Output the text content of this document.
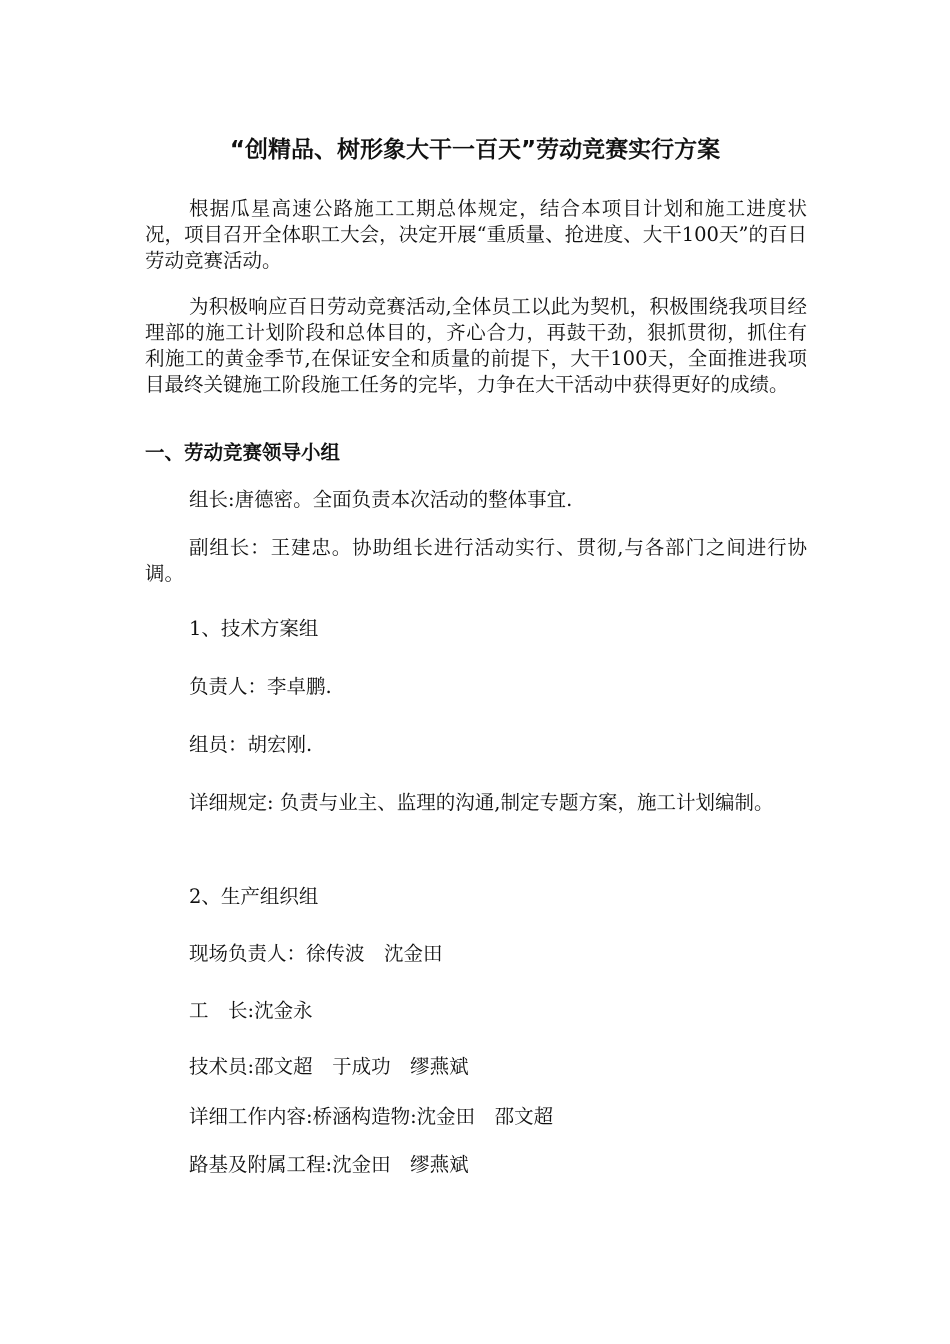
“创精品、树形象大干一百天”劳动竞赛实行方案

根据瓜星高速公路施工工期总体规定，结合本项目计划和施工进度状况，项目召开全体职工大会，决定开展“重质量、抢进度、大干100天”的百日劳动竞赛活动。

为积极响应百日劳动竞赛活动,全体员工以此为契机，积极围绕我项目经理部的施工计划阶段和总体目的，齐心合力，再鼓干劲，狠抓贯彻，抓住有利施工的黄金季节,在保证安全和质量的前提下，大干100天，全面推进我项目最终关键施工阶段施工任务的完毕，力争在大干活动中获得更好的成绩。

一、劳动竞赛领导小组
组长:唐德密。全面负责本次活动的整体事宜.

副组长：王建忠。协助组长进行活动实行、贯彻,与各部门之间进行协调。

1、技术方案组
负责人：李卓鹏.
组员：胡宏刚.
详细规定: 负责与业主、监理的沟通,制定专题方案，施工计划编制。
2、生产组织组
现场负责人：徐传波　沈金田
工　长:沈金永
技术员:邵文超　于成功　缪燕斌
详细工作内容:桥涵构造物:沈金田　邵文超
路基及附属工程:沈金田　缪燕斌
